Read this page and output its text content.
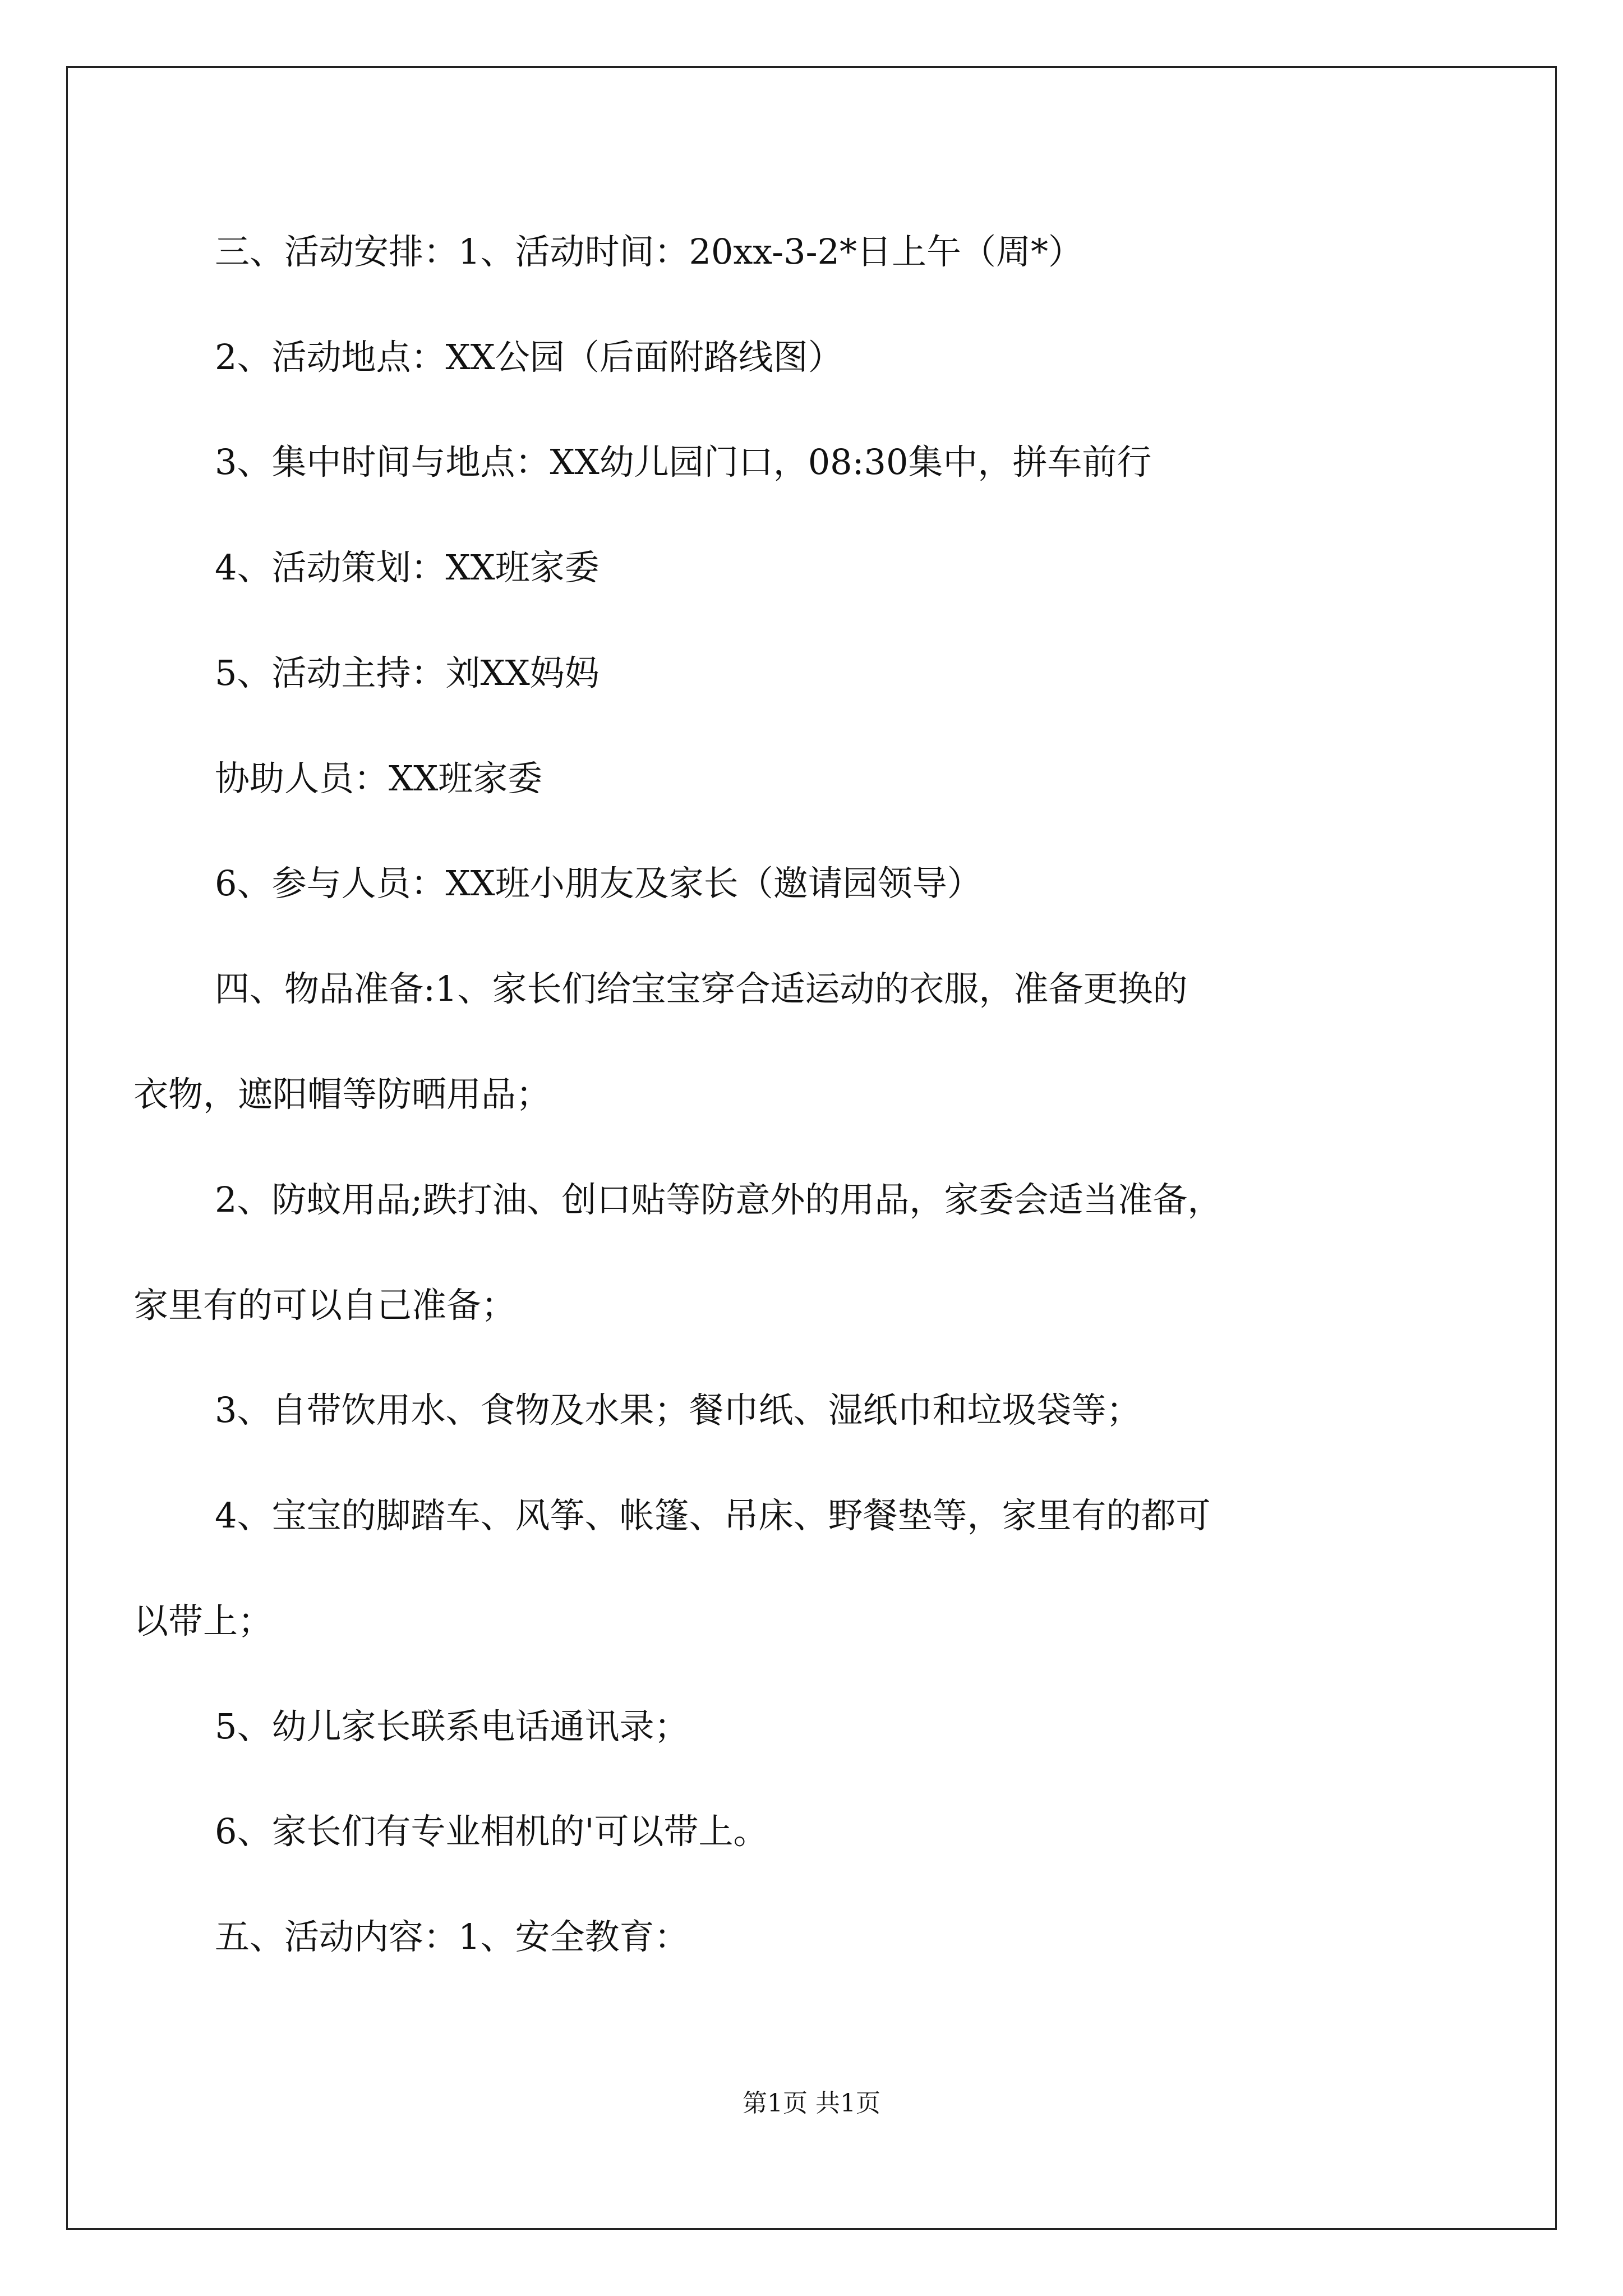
三、活动安排：1、活动时间：20xx-3-2*日上午（周*）
2、活动地点：XX公园（后面附路线图）
3、集中时间与地点：XX幼儿园门口，08:30集中，拼车前行
4、活动策划：XX班家委
5、活动主持：刘XX妈妈
协助人员：XX班家委
6、参与人员：XX班小朋友及家长（邀请园领导）
四、物品准备:1、家长们给宝宝穿合适运动的衣服，准备更换的
衣物，遮阳帽等防晒用品；
2、防蚊用品;跌打油、创口贴等防意外的用品，家委会适当准备，
家里有的可以自己准备；
3、自带饮用水、食物及水果；餐巾纸、湿纸巾和垃圾袋等；
4、宝宝的脚踏车、风筝、帐篷、吊床、野餐垫等，家里有的都可
以带上；
5、幼儿家长联系电话通讯录；
6、家长们有专业相机的'可以带上。
五、活动内容：1、安全教育：
第1页 共1页
